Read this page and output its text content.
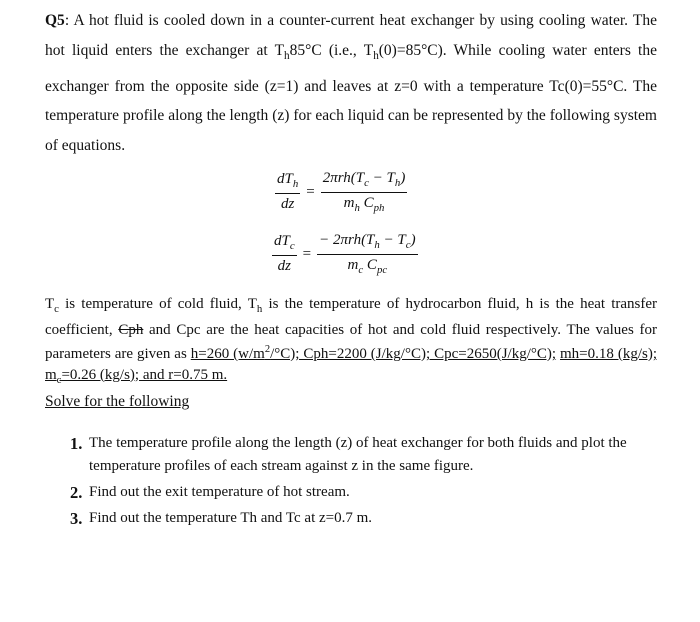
Q5: A hot fluid is cooled down in a counter-current heat exchanger by using cooling water. The hot liquid enters the exchanger at $T_h85^\circ C$ (i.e., $T_h(0)=85^\circ C$). While cooling water enters the exchanger from the opposite side (z=1) and leaves at z=0 with a temperature Tc(0)=55°C. The temperature profile along the length (z) for each liquid can be represented by the following system of equations.
$\frac{dT_h}{dz} = \frac{2\pi rh(T_c - T_h)}{m_h C_{ph}}$
$\frac{dT_c}{dz} = \frac{- 2\pi rh(T_h - T_c)}{m_c C_{pc}}$
$T_c$ is temperature of cold fluid, $T_h$ is the temperature of hydrocarbon fluid, h is the heat transfer coefficient, Cph and Cpc are the heat capacities of hot and cold fluid respectively. The values for parameters are given as h=260 $(w/m^2/^\circ C)$; Cph=2200 (J/kg/°C); Cpc=2650(J/kg/°C); mh=0.18 (kg/s); $m_c=0.26$ (kg/s); and r=0.75 m.
Solve for the following
1. The temperature profile along the length (z) of heat exchanger for both fluids and plot the temperature profiles of each stream against z in the same figure.
2. Find out the exit temperature of hot stream.
3. Find out the temperature Th and Tc at z=0.7 m.
